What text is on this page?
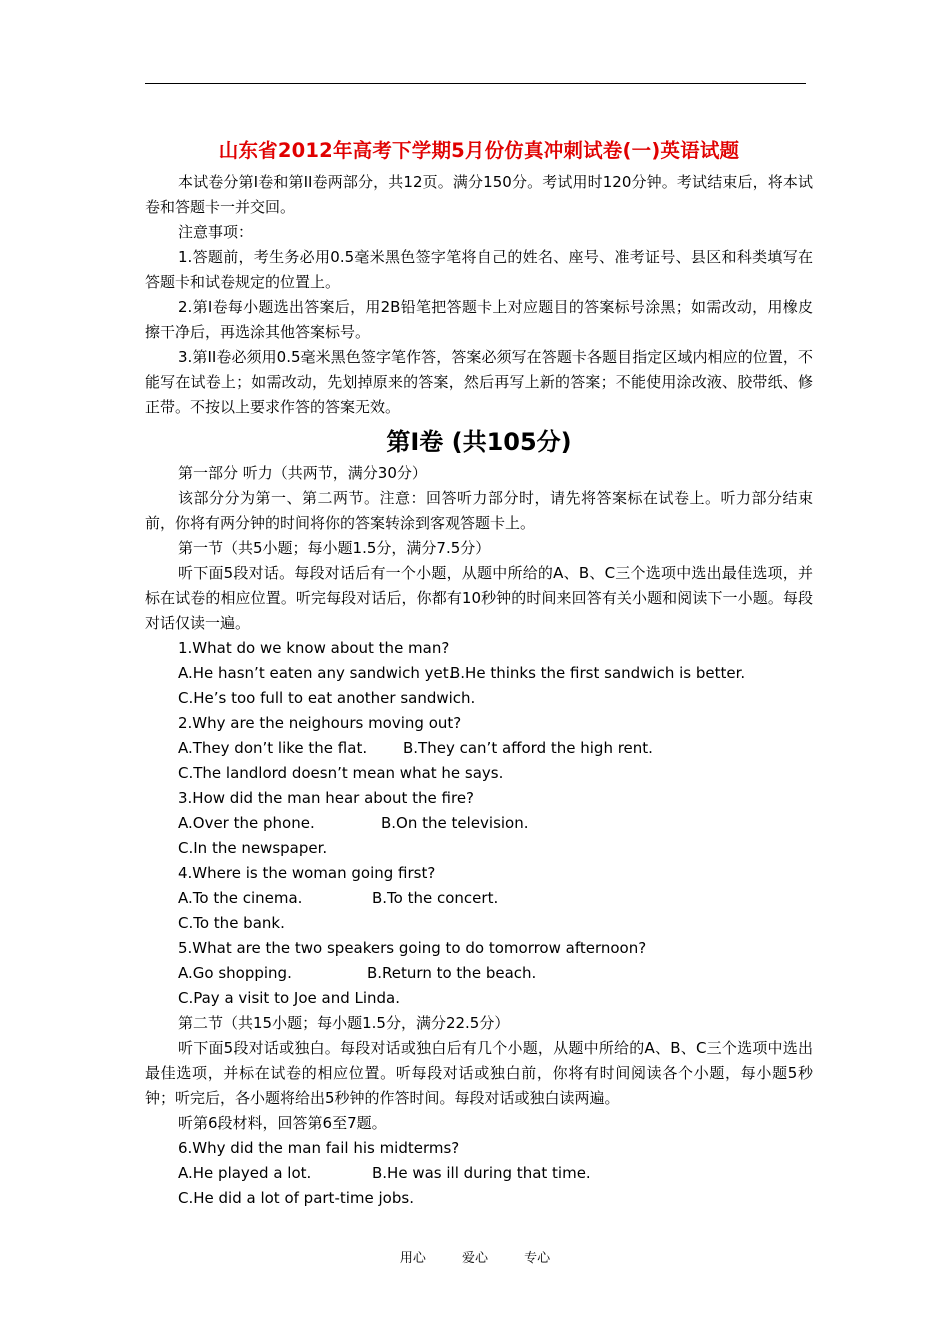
山东省2012年高考下学期5月份仿真冲刺试卷(一)英语试题

本试卷分第I卷和第II卷两部分，共12页。满分150分。考试用时120分钟。考试结束后，将本试卷和答题卡一并交回。

注意事项：

1.答题前，考生务必用0.5毫米黑色签字笔将自己的姓名、座号、准考证号、县区和科类填写在答题卡和试卷规定的位置上。

2.第I卷每小题选出答案后，用2B铅笔把答题卡上对应题目的答案标号涂黑；如需改动，用橡皮擦干净后，再选涂其他答案标号。

3.第II卷必须用0.5毫米黑色签字笔作答，答案必须写在答题卡各题目指定区域内相应的位置，不能写在试卷上；如需改动，先划掉原来的答案，然后再写上新的答案；不能使用涂改液、胶带纸、修正带。不按以上要求作答的答案无效。

第I卷 (共105分)

第一部分 听力（共两节，满分30分）

该部分分为第一、第二两节。注意：回答听力部分时，请先将答案标在试卷上。听力部分结束前，你将有两分钟的时间将你的答案转涂到客观答题卡上。

第一节（共5小题；每小题1.5分，满分7.5分）

听下面5段对话。每段对话后有一个小题，从题中所给的A、B、C三个选项中选出最佳选项，并标在试卷的相应位置。听完每段对话后，你都有10秒钟的时间来回答有关小题和阅读下一小题。每段对话仅读一遍。

1.What do we know about the man?

A.He hasn’t eaten any sandwich yet.
B.He thinks the first sandwich is better.

C.He’s too full to eat another sandwich.

2.Why are the neighours moving out?

A.They don’t like the flat. B.They can’t afford the high rent.

C.The landlord doesn’t mean what he says.

3.How did the man hear about the fire?

A.Over the phone.	B.On the television.

C.In the newspaper.

4.Where is the woman going first?

A.To the cinema.	B.To the concert.

C.To the bank.

5.What are the two speakers going to do tomorrow afternoon?

A.Go shopping.	B.Return to the beach.

C.Pay a visit to Joe and Linda.

第二节（共15小题；每小题1.5分，满分22.5分）

听下面5段对话或独白。每段对话或独白后有几个小题，从题中所给的A、B、C三个选项中选出最佳选项，并标在试卷的相应位置。听每段对话或独白前，你将有时间阅读各个小题，每小题5秒钟；听完后，各小题将给出5秒钟的作答时间。每段对话或独白读两遍。

听第6段材料，回答第6至7题。

6.Why did the man fail his midterms?

A.He played a lot.	B.He was ill during that time.

C.He did a lot of part-time jobs.

用心	爱心	专心
